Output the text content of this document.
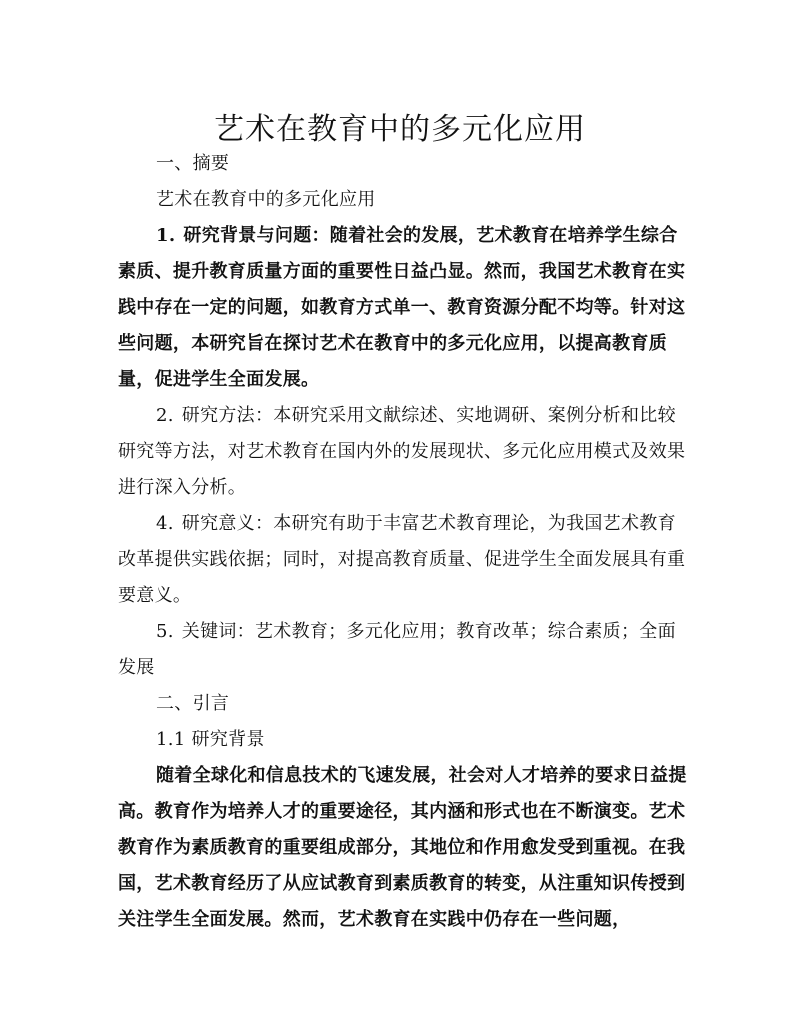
艺术在教育中的多元化应用

一、摘要

艺术在教育中的多元化应用

1. 研究背景与问题：随着社会的发展，艺术教育在培养学生综合素质、提升教育质量方面的重要性日益凸显。然而，我国艺术教育在实践中存在一定的问题，如教育方式单一、教育资源分配不均等。针对这些问题，本研究旨在探讨艺术在教育中的多元化应用，以提高教育质量，促进学生全面发展。

2. 研究方法：本研究采用文献综述、实地调研、案例分析和比较研究等方法，对艺术教育在国内外的发展现状、多元化应用模式及效果进行深入分析。

4. 研究意义：本研究有助于丰富艺术教育理论，为我国艺术教育改革提供实践依据；同时，对提高教育质量、促进学生全面发展具有重要意义。

5. 关键词：艺术教育；多元化应用；教育改革；综合素质；全面发展

二、引言

1.1 研究背景

随着全球化和信息技术的飞速发展，社会对人才培养的要求日益提高。教育作为培养人才的重要途径，其内涵和形式也在不断演变。艺术教育作为素质教育的重要组成部分，其地位和作用愈发受到重视。在我国，艺术教育经历了从应试教育到素质教育的转变，从注重知识传授到关注学生全面发展。然而，艺术教育在实践中仍存在一些问题，
